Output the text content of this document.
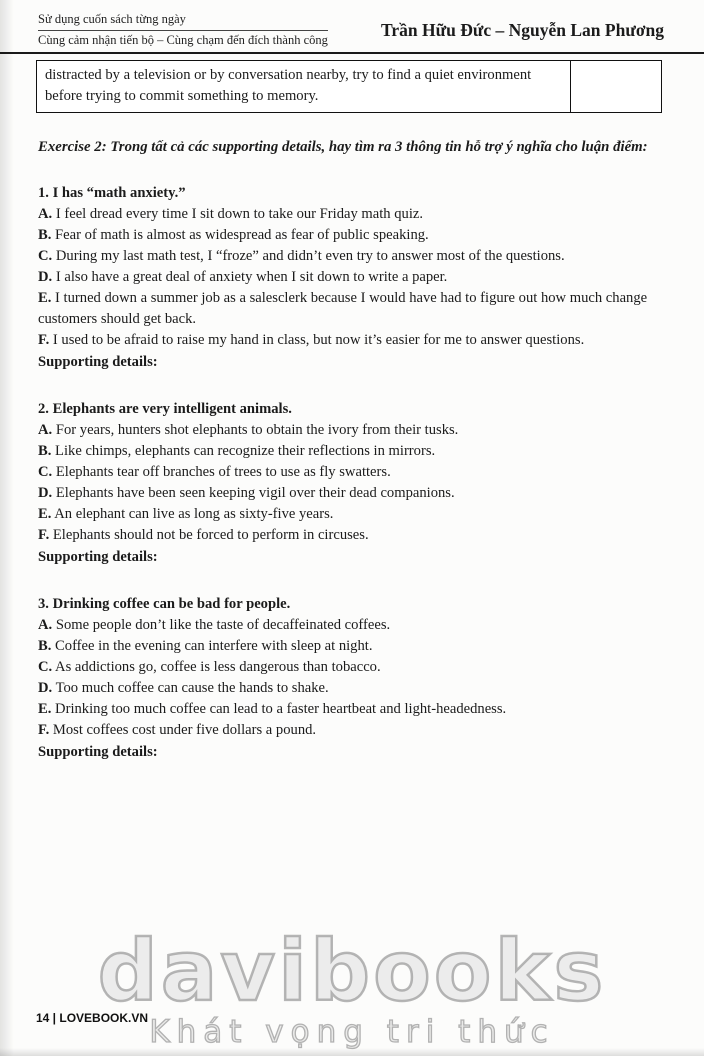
Sử dụng cuốn sách từng ngày
Cùng cảm nhận tiến bộ – Cùng chạm đến đích thành công	Trần Hữu Đức – Nguyễn Lan Phương
distracted by a television or by conversation nearby, try to find a quiet environment before trying to commit something to memory.
Exercise 2: Trong tất cả các supporting details, hay tìm ra 3 thông tin hỗ trợ ý nghĩa cho luận điểm:

1. I has “math anxiety.”

A. I feel dread every time I sit down to take our Friday math quiz.

B. Fear of math is almost as widespread as fear of public speaking.

C. During my last math test, I “froze” and didn’t even try to answer most of the questions.

D. I also have a great deal of anxiety when I sit down to write a paper.

E. I turned down a summer job as a salesclerk because I would have had to figure out how much change customers should get back.

F. I used to be afraid to raise my hand in class, but now it’s easier for me to answer questions.

Supporting details:

2. Elephants are very intelligent animals.

A. For years, hunters shot elephants to obtain the ivory from their tusks.

B. Like chimps, elephants can recognize their reflections in mirrors.

C. Elephants tear off branches of trees to use as fly swatters.

D. Elephants have been seen keeping vigil over their dead companions.

E. An elephant can live as long as sixty-five years.

F. Elephants should not be forced to perform in circuses.

Supporting details:

3. Drinking coffee can be bad for people.

A. Some people don’t like the taste of decaffeinated coffees.

B. Coffee in the evening can interfere with sleep at night.

C. As addictions go, coffee is less dangerous than tobacco.

D. Too much coffee can cause the hands to shake.

E. Drinking too much coffee can lead to a faster heartbeat and light-headedness.

F. Most coffees cost under five dollars a pound.

Supporting details:

davibooks
Khát vọng tri thức
14 | LOVEBOOK.VN
